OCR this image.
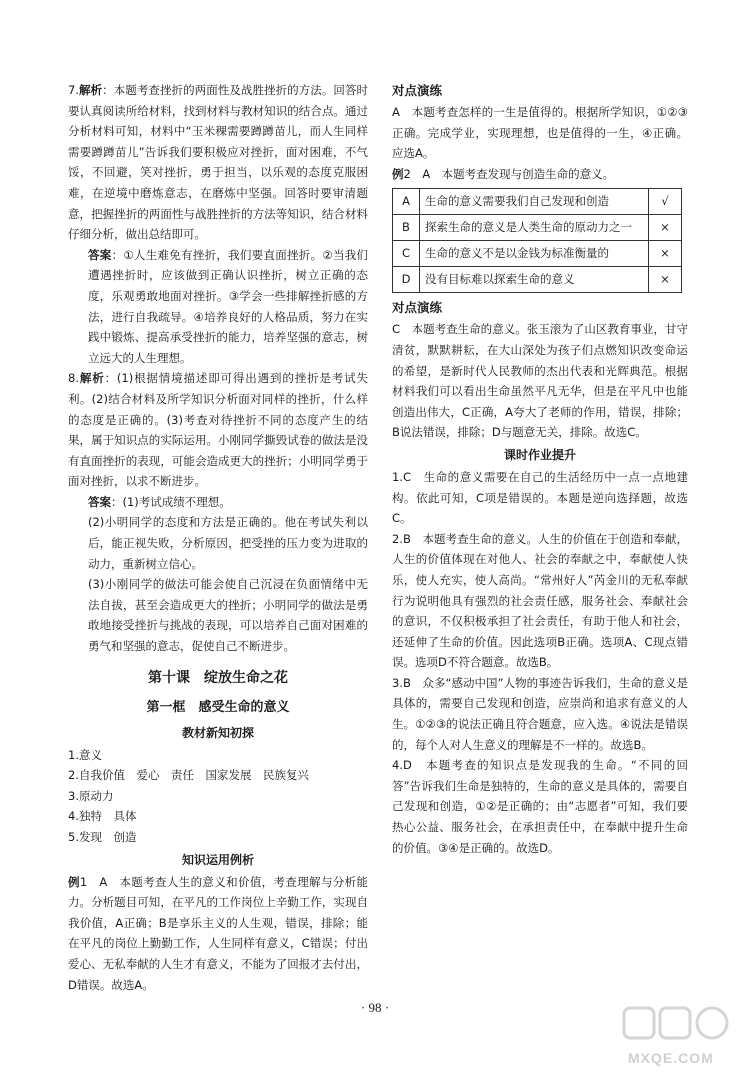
7.解析：本题考查挫折的两面性及战胜挫折的方法。回答时要认真阅读所给材料，找到材料与教材知识的结合点。通过分析材料可知，材料中“玉米稞需要蹲蹲苗儿，而人生同样需要蹲蹲苗儿”告诉我们要积极应对挫折，面对困难，不气馁，不回避，笑对挫折，勇于担当，以乐观的态度克服困难，在逆境中磨炼意志，在磨炼中坚强。回答时要审清题意，把握挫折的两面性与战胜挫折的方法等知识，结合材料仔细分析，做出总结即可。

答案：①人生难免有挫折，我们要直面挫折。②当我们遭遇挫折时，应该做到正确认识挫折，树立正确的态度，乐观勇敢地面对挫折。③学会一些排解挫折感的方法，进行自我疏导。④培养良好的人格品质，努力在实践中锻炼、提高承受挫折的能力，培养坚强的意志，树立远大的人生理想。

8.解析：(1)根据情境描述即可得出遇到的挫折是考试失利。(2)结合材料及所学知识分析面对同样的挫折，什么样的态度是正确的。(3)考查对待挫折不同的态度产生的结果，属于知识点的实际运用。小刚同学撕毁试卷的做法是没有直面挫折的表现，可能会造成更大的挫折；小明同学勇于面对挫折，以求不断进步。

答案：(1)考试成绩不理想。

(2)小明同学的态度和方法是正确的。他在考试失利以后，能正视失败，分析原因，把受挫的压力变为进取的动力，重新树立信心。

(3)小刚同学的做法可能会使自己沉浸在负面情绪中无法自拔，甚至会造成更大的挫折；小明同学的做法是勇敢地接受挫折与挑战的表现，可以培养自己面对困难的勇气和坚强的意志，促使自己不断进步。

第十课　绽放生命之花

第一框　感受生命的意义

教材新知初探

1.意义

2.自我价值　爱心　责任　国家发展　民族复兴

3.原动力

4.独特　具体

5.发现　创造

知识运用例析

例1　A　本题考查人生的意义和价值，考查理解与分析能力。分析题目可知，在平凡的工作岗位上辛勤工作，实现自我价值，A正确；B是享乐主义的人生观，错误，排除；能在平凡的岗位上勤勤工作，人生同样有意义，C错误；付出爱心、无私奉献的人生才有意义，不能为了回报才去付出，D错误。故选A。

对点演练

A　本题考查怎样的一生是值得的。根据所学知识，①②③正确。完成学业，实现理想，也是值得的一生，④正确。应选A。

例2　A　本题考查发现与创造生命的意义。

A	生命的意义需要我们自己发现和创造	√
B	探索生命的意义是人类生命的原动力之一	×
C	生命的意义不是以金钱为标准衡量的	×
D	没有目标难以探索生命的意义	×

对点演练

C　本题考查生命的意义。张玉滚为了山区教育事业，甘守清贫，默默耕耘，在大山深处为孩子们点燃知识改变命运的希望，是新时代人民教师的杰出代表和光辉典范。根据材料我们可以看出生命虽然平凡无华，但是在平凡中也能创造出伟大，C正确，A夸大了老师的作用，错误，排除；B说法错误，排除；D与题意无关，排除。故选C。

课时作业提升

1.C　生命的意义需要在自己的生活经历中一点一点地建构。依此可知，C项是错误的。本题是逆向选择题，故选C。

2.B　本题考查生命的意义。人生的价值在于创造和奉献，人生的价值体现在对他人、社会的奉献之中，奉献使人快乐，使人充实，使人高尚。“常州好人”芮金川的无私奉献行为说明他具有强烈的社会责任感，服务社会、奉献社会的意识，不仅积极承担了社会责任，有助于他人和社会，还延伸了生命的价值。因此选项B正确。选项A、C现点错误。选项D不符合题意。故选B。

3.B　众多“感动中国”人物的事迹告诉我们，生命的意义是具体的，需要自己发现和创造，应崇尚和追求有意义的人生。①②③的说法正确且符合题意，应入选。④说法是错误的，每个人对人生意义的理解是不一样的。故选B。

4.D　本题考查的知识点是发现我的生命。“不同的回答”告诉我们生命是独特的，生命的意义是具体的，需要自己发现和创造，①②是正确的；由“志愿者”可知，我们要热心公益、服务社会，在承担责任中，在奉献中提升生命的价值。③④是正确的。故选D。

· 98 ·
MXQE.COM
